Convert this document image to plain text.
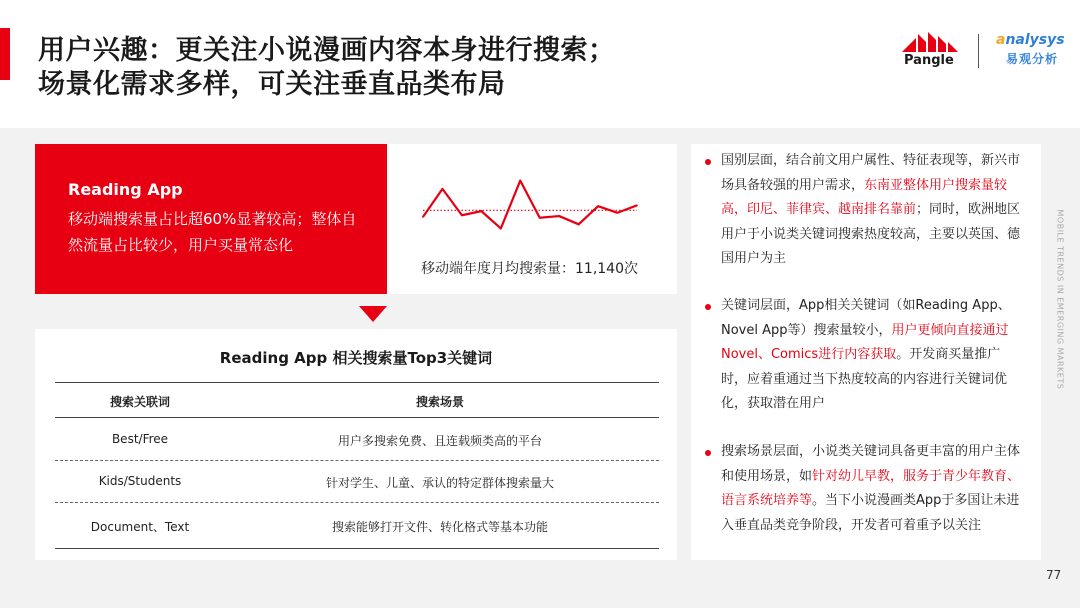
用户兴趣：更关注小说漫画内容本身进行搜索；
场景化需求多样，可关注垂直品类布局
Pangle
analysys
易观分析
Reading App
移动端搜索量占比超60%显著较高；整体自然流量占比较少，用户买量常态化
移动端年度月均搜索量：11,140次
Reading App 相关搜索量Top3关键词
搜索关联词	搜索场景
Best/Free	用户多搜索免费、且连载频类高的平台
Kids/Students	针对学生、儿童、承认的特定群体搜索量大
Document、Text	搜索能够打开文件、转化格式等基本功能
国别层面，结合前文用户属性、特征表现等，新兴市场具备较强的用户需求，东南亚整体用户搜索量较高，印尼、菲律宾、越南排名靠前；同时，欧洲地区用户于小说类关键词搜索热度较高，主要以英国、德国用户为主
关键词层面，App相关关键词（如Reading App、Novel App等）搜索量较小，用户更倾向直接通过Novel、Comics进行内容获取。开发商买量推广时，应着重通过当下热度较高的内容进行关键词优化，获取潜在用户
搜索场景层面，小说类关键词具备更丰富的用户主体和使用场景，如针对幼儿早教，服务于青少年教育、语言系统培养等。当下小说漫画类App于多国让未进入垂直品类竞争阶段，开发者可着重予以关注
MOBILE TRENDS IN EMERGING MARKETS
77
